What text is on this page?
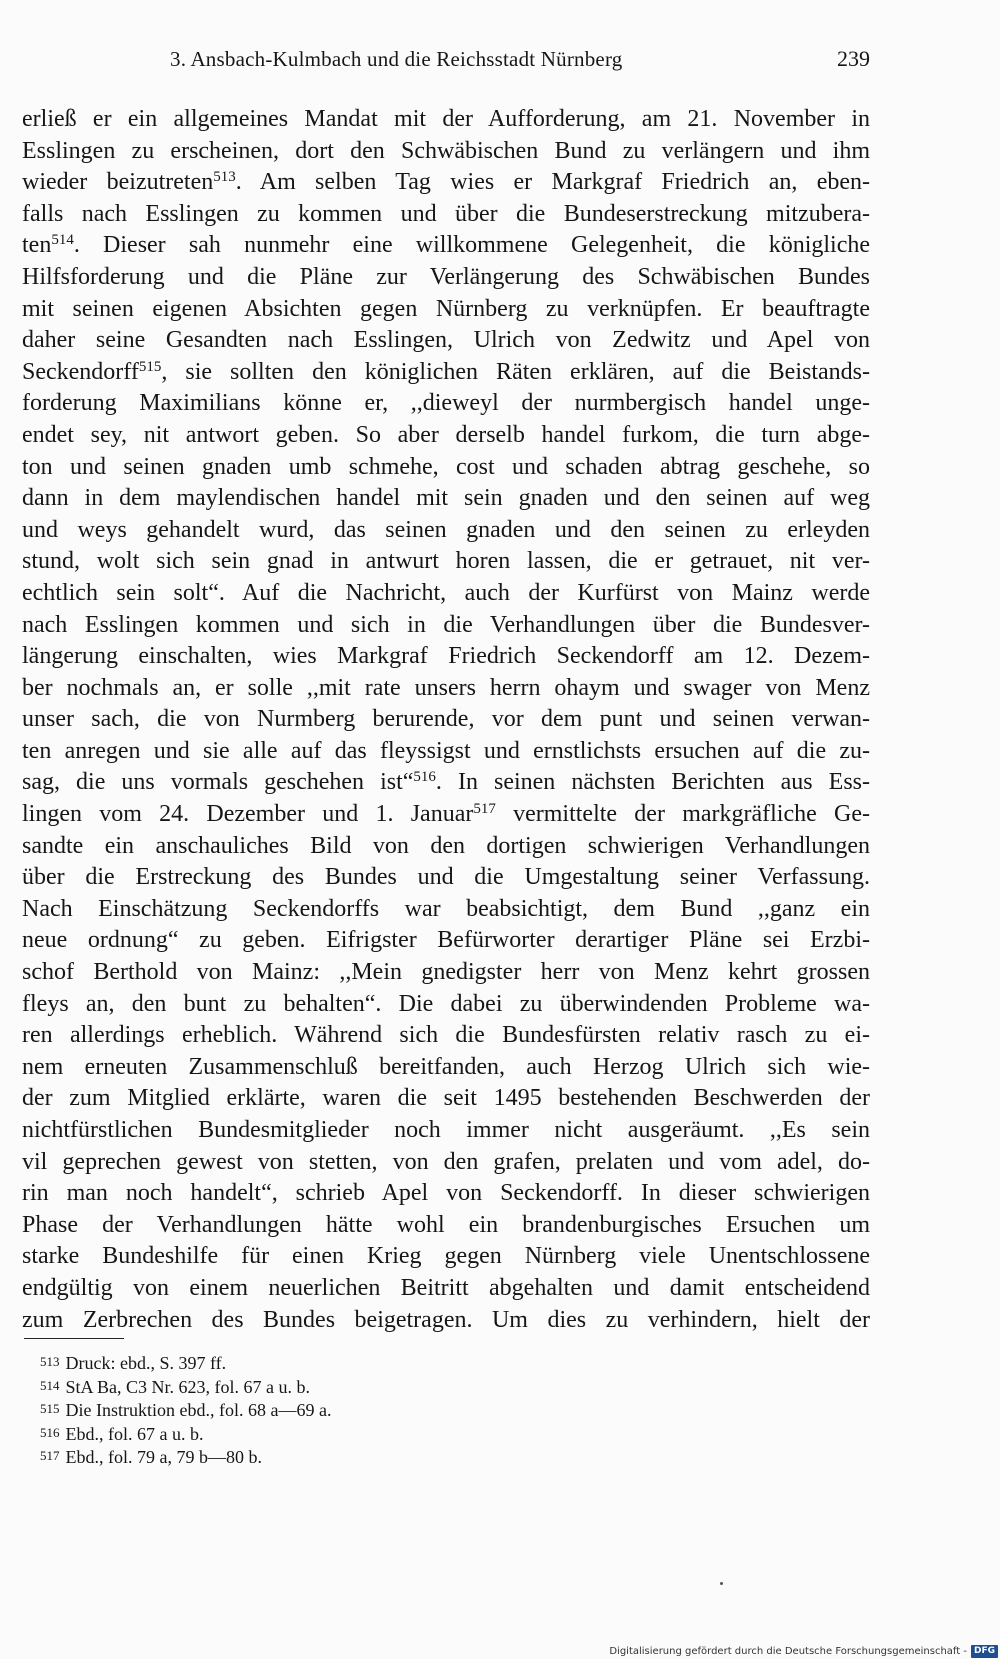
3. Ansbach-Kulmbach und die Reichsstadt Nürnberg	239
erließ er ein allgemeines Mandat mit der Aufforderung, am 21. November in
Esslingen zu erscheinen, dort den Schwäbischen Bund zu verlängern und ihm
wieder beizutreten$^{513}$. Am selben Tag wies er Markgraf Friedrich an, eben-
falls nach Esslingen zu kommen und über die Bundeserstreckung mitzubera-
ten$^{514}$. Dieser sah nunmehr eine willkommene Gelegenheit, die königliche
Hilfsforderung und die Pläne zur Verlängerung des Schwäbischen Bundes
mit seinen eigenen Absichten gegen Nürnberg zu verknüpfen. Er beauftragte
daher seine Gesandten nach Esslingen, Ulrich von Zedwitz und Apel von
Seckendorff$^{515}$, sie sollten den königlichen Räten erklären, auf die Beistands-
forderung Maximilians könne er, ,,dieweyl der nurmbergisch handel unge-
endet sey, nit antwort geben. So aber derselb handel furkom, die turn abge-
ton und seinen gnaden umb schmehe, cost und schaden abtrag geschehe, so
dann in dem maylendischen handel mit sein gnaden und den seinen auf weg
und weys gehandelt wurd, das seinen gnaden und den seinen zu erleyden
stund, wolt sich sein gnad in antwurt horen lassen, die er getrauet, nit ver-
echtlich sein solt“. Auf die Nachricht, auch der Kurfürst von Mainz werde
nach Esslingen kommen und sich in die Verhandlungen über die Bundesver-
längerung einschalten, wies Markgraf Friedrich Seckendorff am 12. Dezem-
ber nochmals an, er solle ,,mit rate unsers herrn ohaym und swager von Menz
unser sach, die von Nurmberg berurende, vor dem punt und seinen verwan-
ten anregen und sie alle auf das fleyssigst und ernstlichsts ersuchen auf die zu-
sag, die uns vormals geschehen ist“$^{516}$. In seinen nächsten Berichten aus Ess-
lingen vom 24. Dezember und 1. Januar$^{517}$ vermittelte der markgräfliche Ge-
sandte ein anschauliches Bild von den dortigen schwierigen Verhandlungen
über die Erstreckung des Bundes und die Umgestaltung seiner Verfassung.
Nach Einschätzung Seckendorffs war beabsichtigt, dem Bund ,,ganz ein
neue ordnung“ zu geben. Eifrigster Befürworter derartiger Pläne sei Erzbi-
schof Berthold von Mainz: ,,Mein gnedigster herr von Menz kehrt grossen
fleys an, den bunt zu behalten“. Die dabei zu überwindenden Probleme wa-
ren allerdings erheblich. Während sich die Bundesfürsten relativ rasch zu ei-
nem erneuten Zusammenschluß bereitfanden, auch Herzog Ulrich sich wie-
der zum Mitglied erklärte, waren die seit 1495 bestehenden Beschwerden der
nichtfürstlichen Bundesmitglieder noch immer nicht ausgeräumt. ,,Es sein
vil geprechen gewest von stetten, von den grafen, prelaten und vom adel, do-
rin man noch handelt“, schrieb Apel von Seckendorff. In dieser schwierigen
Phase der Verhandlungen hätte wohl ein brandenburgisches Ersuchen um
starke Bundeshilfe für einen Krieg gegen Nürnberg viele Unentschlossene
endgültig von einem neuerlichen Beitritt abgehalten und damit entscheidend
zum Zerbrechen des Bundes beigetragen. Um dies zu verhindern, hielt der
513 Druck: ebd., S. 397 ff.
514 StA Ba, C3 Nr. 623, fol. 67 a u. b.
515 Die Instruktion ebd., fol. 68 a—69 a.
516 Ebd., fol. 67 a u. b.
517 Ebd., fol. 79 a, 79 b—80 b.
Digitalisierung gefördert durch die Deutsche Forschungsgemeinschaft - DFG
